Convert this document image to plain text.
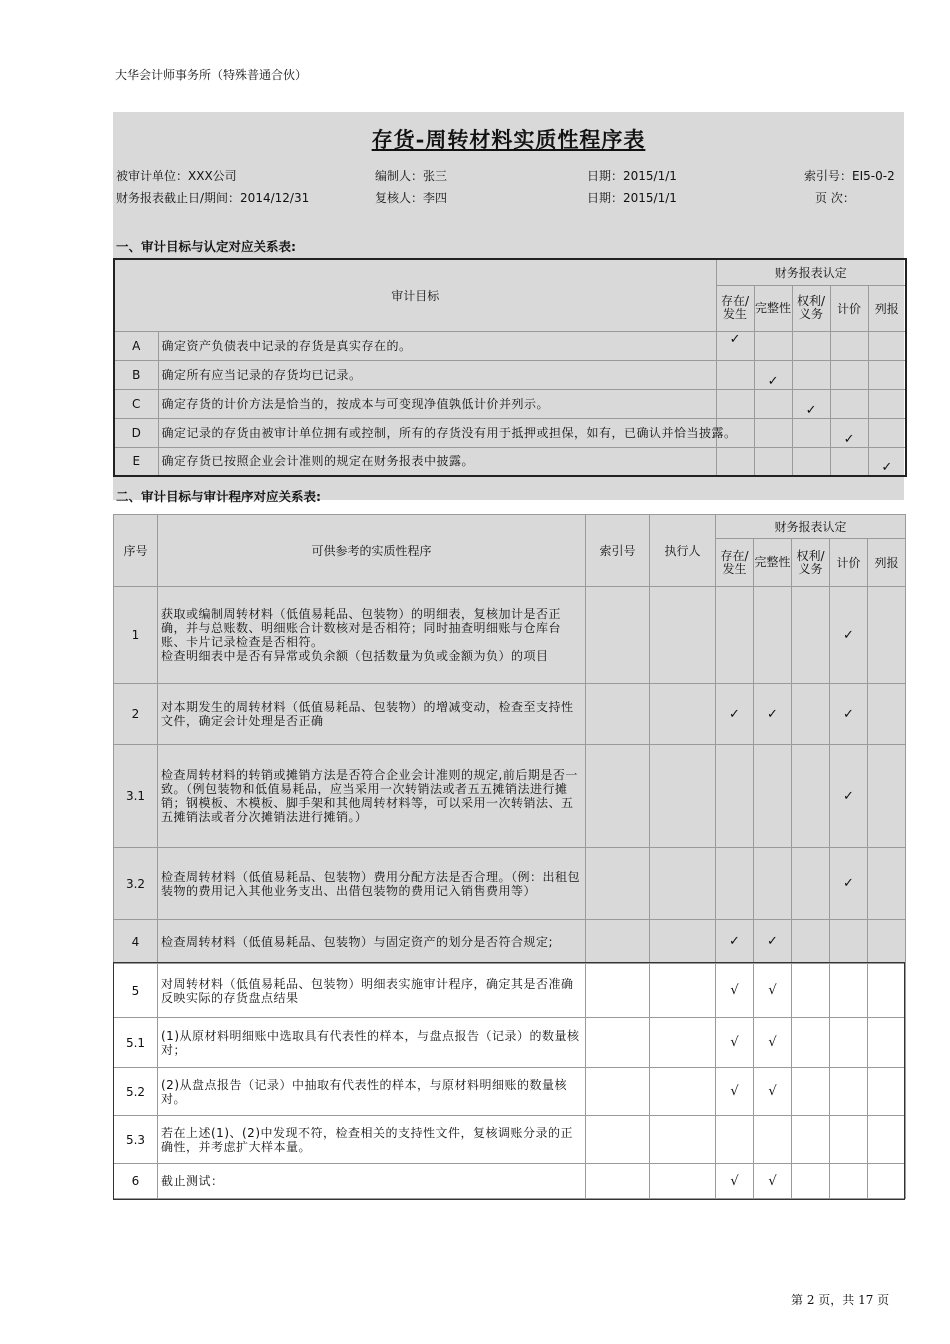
大华会计师事务所（特殊普通合伙）
存货-周转材料实质性程序表
被审计单位：XXX公司	编制人：张三	日期：2015/1/1	索引号：EI5-0-2
财务报表截止日/期间：2014/12/31	复核人：李四	日期：2015/1/1	页 次：
一、审计目标与认定对应关系表:
审计目标		财务报表认定				
		存在/发生	完整性	权利/义务	计价	列报
A	确定资产负债表中记录的存货是真实存在的。	✓				
B	确定所有应当记录的存货均已记录。		✓			
C	确定存货的计价方法是恰当的，按成本与可变现净值孰低计价并列示。			✓		
D	确定记录的存货由被审计单位拥有或控制，所有的存货没有用于抵押或担保，如有，已确认并恰当披露。				✓	
E	确定存货已按照企业会计准则的规定在财务报表中披露。					✓
二、审计目标与审计程序对应关系表:
序号	可供参考的实质性程序	索引号	执行人	财务报表认定				
				存在/发生	完整性	权利/义务	计价	列报
1	获取或编制周转材料（低值易耗品、包装物）的明细表，复核加计是否正确，并与总账数、明细账合计数核对是否相符；同时抽查明细账与仓库台账、卡片记录检查是否相符。
检查明细表中是否有异常或负余额（包括数量为负或金额为负）的项目						✓	
2	对本期发生的周转材料（低值易耗品、包装物）的增减变动，检查至支持性文件，确定会计处理是否正确			✓	✓		✓	
3.1	检查周转材料的转销或摊销方法是否符合企业会计准则的规定,前后期是否一致。（例包装物和低值易耗品，应当采用一次转销法或者五五摊销法进行摊销；钢模板、木模板、脚手架和其他周转材料等，可以采用一次转销法、五五摊销法或者分次摊销法进行摊销。）						✓	
3.2	检查周转材料（低值易耗品、包装物）费用分配方法是否合理。（例：出租包装物的费用记入其他业务支出、出借包装物的费用记入销售费用等）						✓	
4	检查周转材料（低值易耗品、包装物）与固定资产的划分是否符合规定;			✓	✓			
5	对周转材料（低值易耗品、包装物）明细表实施审计程序，确定其是否准确反映实际的存货盘点结果			√	√			
5.1	(1)从原材料明细账中选取具有代表性的样本，与盘点报告（记录）的数量核对；			√	√			
5.2	(2)从盘点报告（记录）中抽取有代表性的样本，与原材料明细账的数量核对。			√	√			
5.3	若在上述(1)、(2)中发现不符，检查相关的支持性文件，复核调账分录的正确性，并考虑扩大样本量。							
6	截止测试：			√	√			
第 2 页，共 17 页
